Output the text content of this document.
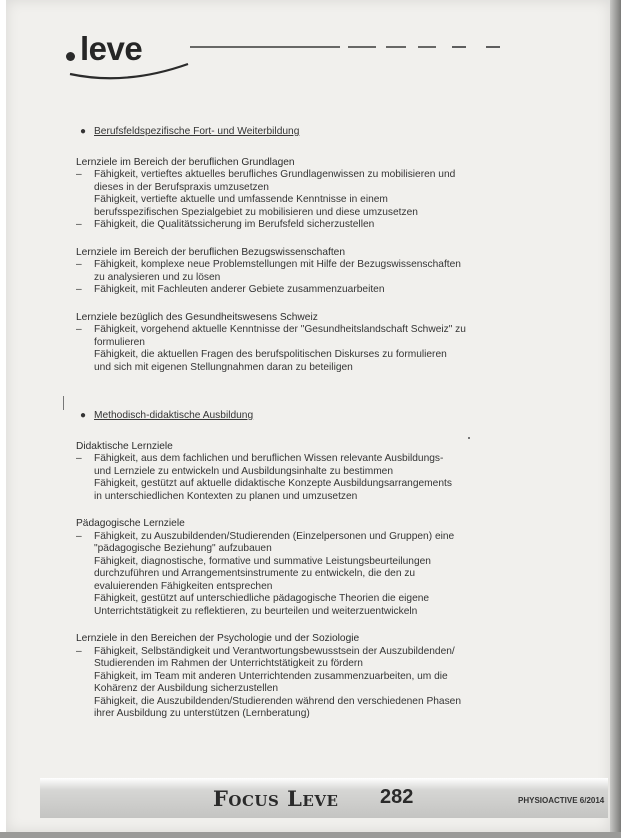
leve
● Berufsfeldspezifische Fort- und Weiterbildung
Lernziele im Bereich der beruflichen Grundlagen
–	Fähigkeit, vertieftes aktuelles berufliches Grundlagenwissen zu mobilisieren und
dieses in der Berufspraxis umzusetzen
Fähigkeit, vertiefte aktuelle und umfassende Kenntnisse in einem
berufsspezifischen Spezialgebiet zu mobilisieren und diese umzusetzen
–	Fähigkeit, die Qualitätssicherung im Berufsfeld sicherzustellen
Lernziele im Bereich der beruflichen Bezugswissenschaften
–	Fähigkeit, komplexe neue Problemstellungen mit Hilfe der Bezugswissenschaften
zu analysieren und zu lösen
–	Fähigkeit, mit Fachleuten anderer Gebiete zusammenzuarbeiten
Lernziele bezüglich des Gesundheitswesens Schweiz
–	Fähigkeit, vorgehend aktuelle Kenntnisse der "Gesundheitslandschaft Schweiz" zu
formulieren
Fähigkeit, die aktuellen Fragen des berufspolitischen Diskurses zu formulieren
und sich mit eigenen Stellungnahmen daran zu beteiligen
● Methodisch-didaktische Ausbildung
Didaktische Lernziele
–	Fähigkeit, aus dem fachlichen und beruflichen Wissen relevante Ausbildungs-
und Lernziele zu entwickeln und Ausbildungsinhalte zu bestimmen
Fähigkeit, gestützt auf aktuelle didaktische Konzepte Ausbildungsarrangements
in unterschiedlichen Kontexten zu planen und umzusetzen
Pädagogische Lernziele
–	Fähigkeit, zu Auszubildenden/Studierenden (Einzelpersonen und Gruppen) eine
"pädagogische Beziehung" aufzubauen
Fähigkeit, diagnostische, formative und summative Leistungsbeurteilungen
durchzuführen und Arrangementsinstrumente zu entwickeln, die den zu
evaluierenden Fähigkeiten entsprechen
Fähigkeit, gestützt auf unterschiedliche pädagogische Theorien die eigene
Unterrichtstätigkeit zu reflektieren, zu beurteilen und weiterzuentwickeln
Lernziele in den Bereichen der Psychologie und der Soziologie
–	Fähigkeit, Selbständigkeit und Verantwortungsbewusstsein der Auszubildenden/
Studierenden im Rahmen der Unterrichtstätigkeit zu fördern
Fähigkeit, im Team mit anderen Unterrichtenden zusammenzuarbeiten, um die
Kohärenz der Ausbildung sicherzustellen
Fähigkeit, die Auszubildenden/Studierenden während den verschiedenen Phasen
ihrer Ausbildung zu unterstützen (Lernberatung)
Focus Leve 282	PHYSIOACTIVE 6/2014
